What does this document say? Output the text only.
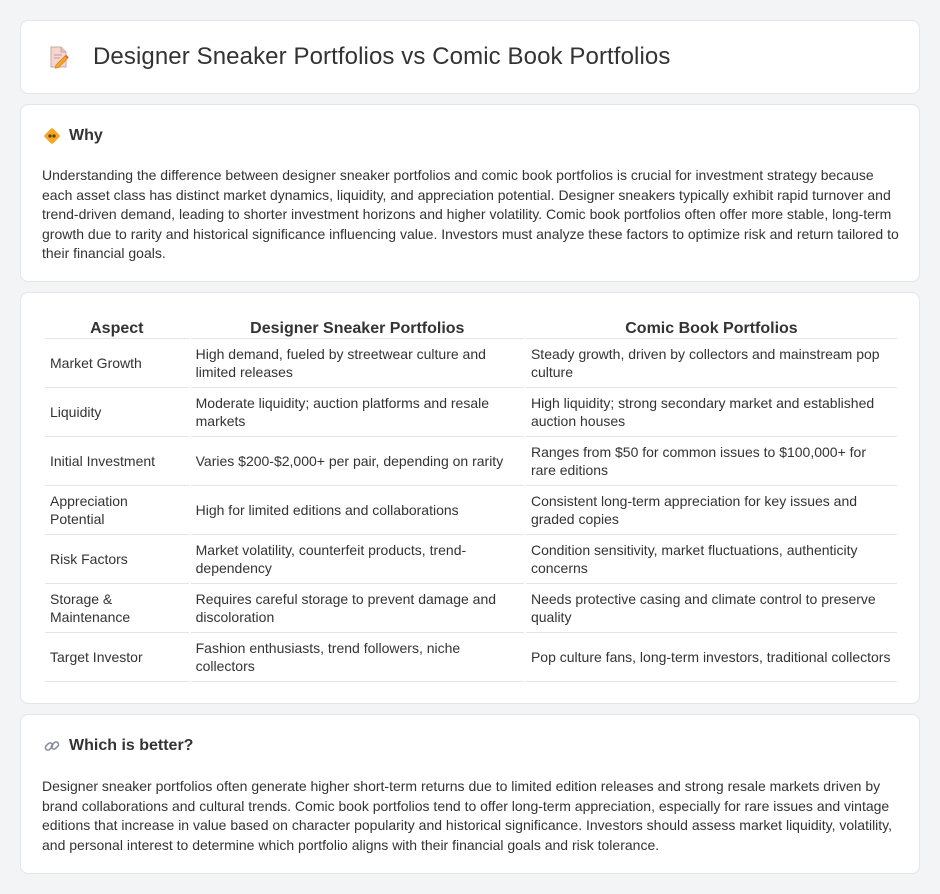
Designer Sneaker Portfolios vs Comic Book Portfolios
Why

Understanding the difference between designer sneaker portfolios and comic book portfolios is crucial for investment strategy because each asset class has distinct market dynamics, liquidity, and appreciation potential. Designer sneakers typically exhibit rapid turnover and trend-driven demand, leading to shorter investment horizons and higher volatility. Comic book portfolios often offer more stable, long-term growth due to rarity and historical significance influencing value. Investors must analyze these factors to optimize risk and return tailored to their financial goals.

Aspect	Designer Sneaker Portfolios	Comic Book Portfolios
Market Growth	High demand, fueled by streetwear culture and limited releases	Steady growth, driven by collectors and mainstream pop culture
Liquidity	Moderate liquidity; auction platforms and resale markets	High liquidity; strong secondary market and established auction houses
Initial Investment	Varies $200-$2,000+ per pair, depending on rarity	Ranges from $50 for common issues to $100,000+ for rare editions
Appreciation Potential	High for limited editions and collaborations	Consistent long-term appreciation for key issues and graded copies
Risk Factors	Market volatility, counterfeit products, trend-dependency	Condition sensitivity, market fluctuations, authenticity concerns
Storage & Maintenance	Requires careful storage to prevent damage and discoloration	Needs protective casing and climate control to preserve quality
Target Investor	Fashion enthusiasts, trend followers, niche collectors	Pop culture fans, long-term investors, traditional collectors
Which is better?

Designer sneaker portfolios often generate higher short-term returns due to limited edition releases and strong resale markets driven by brand collaborations and cultural trends. Comic book portfolios tend to offer long-term appreciation, especially for rare issues and vintage editions that increase in value based on character popularity and historical significance. Investors should assess market liquidity, volatility, and personal interest to determine which portfolio aligns with their financial goals and risk tolerance.
